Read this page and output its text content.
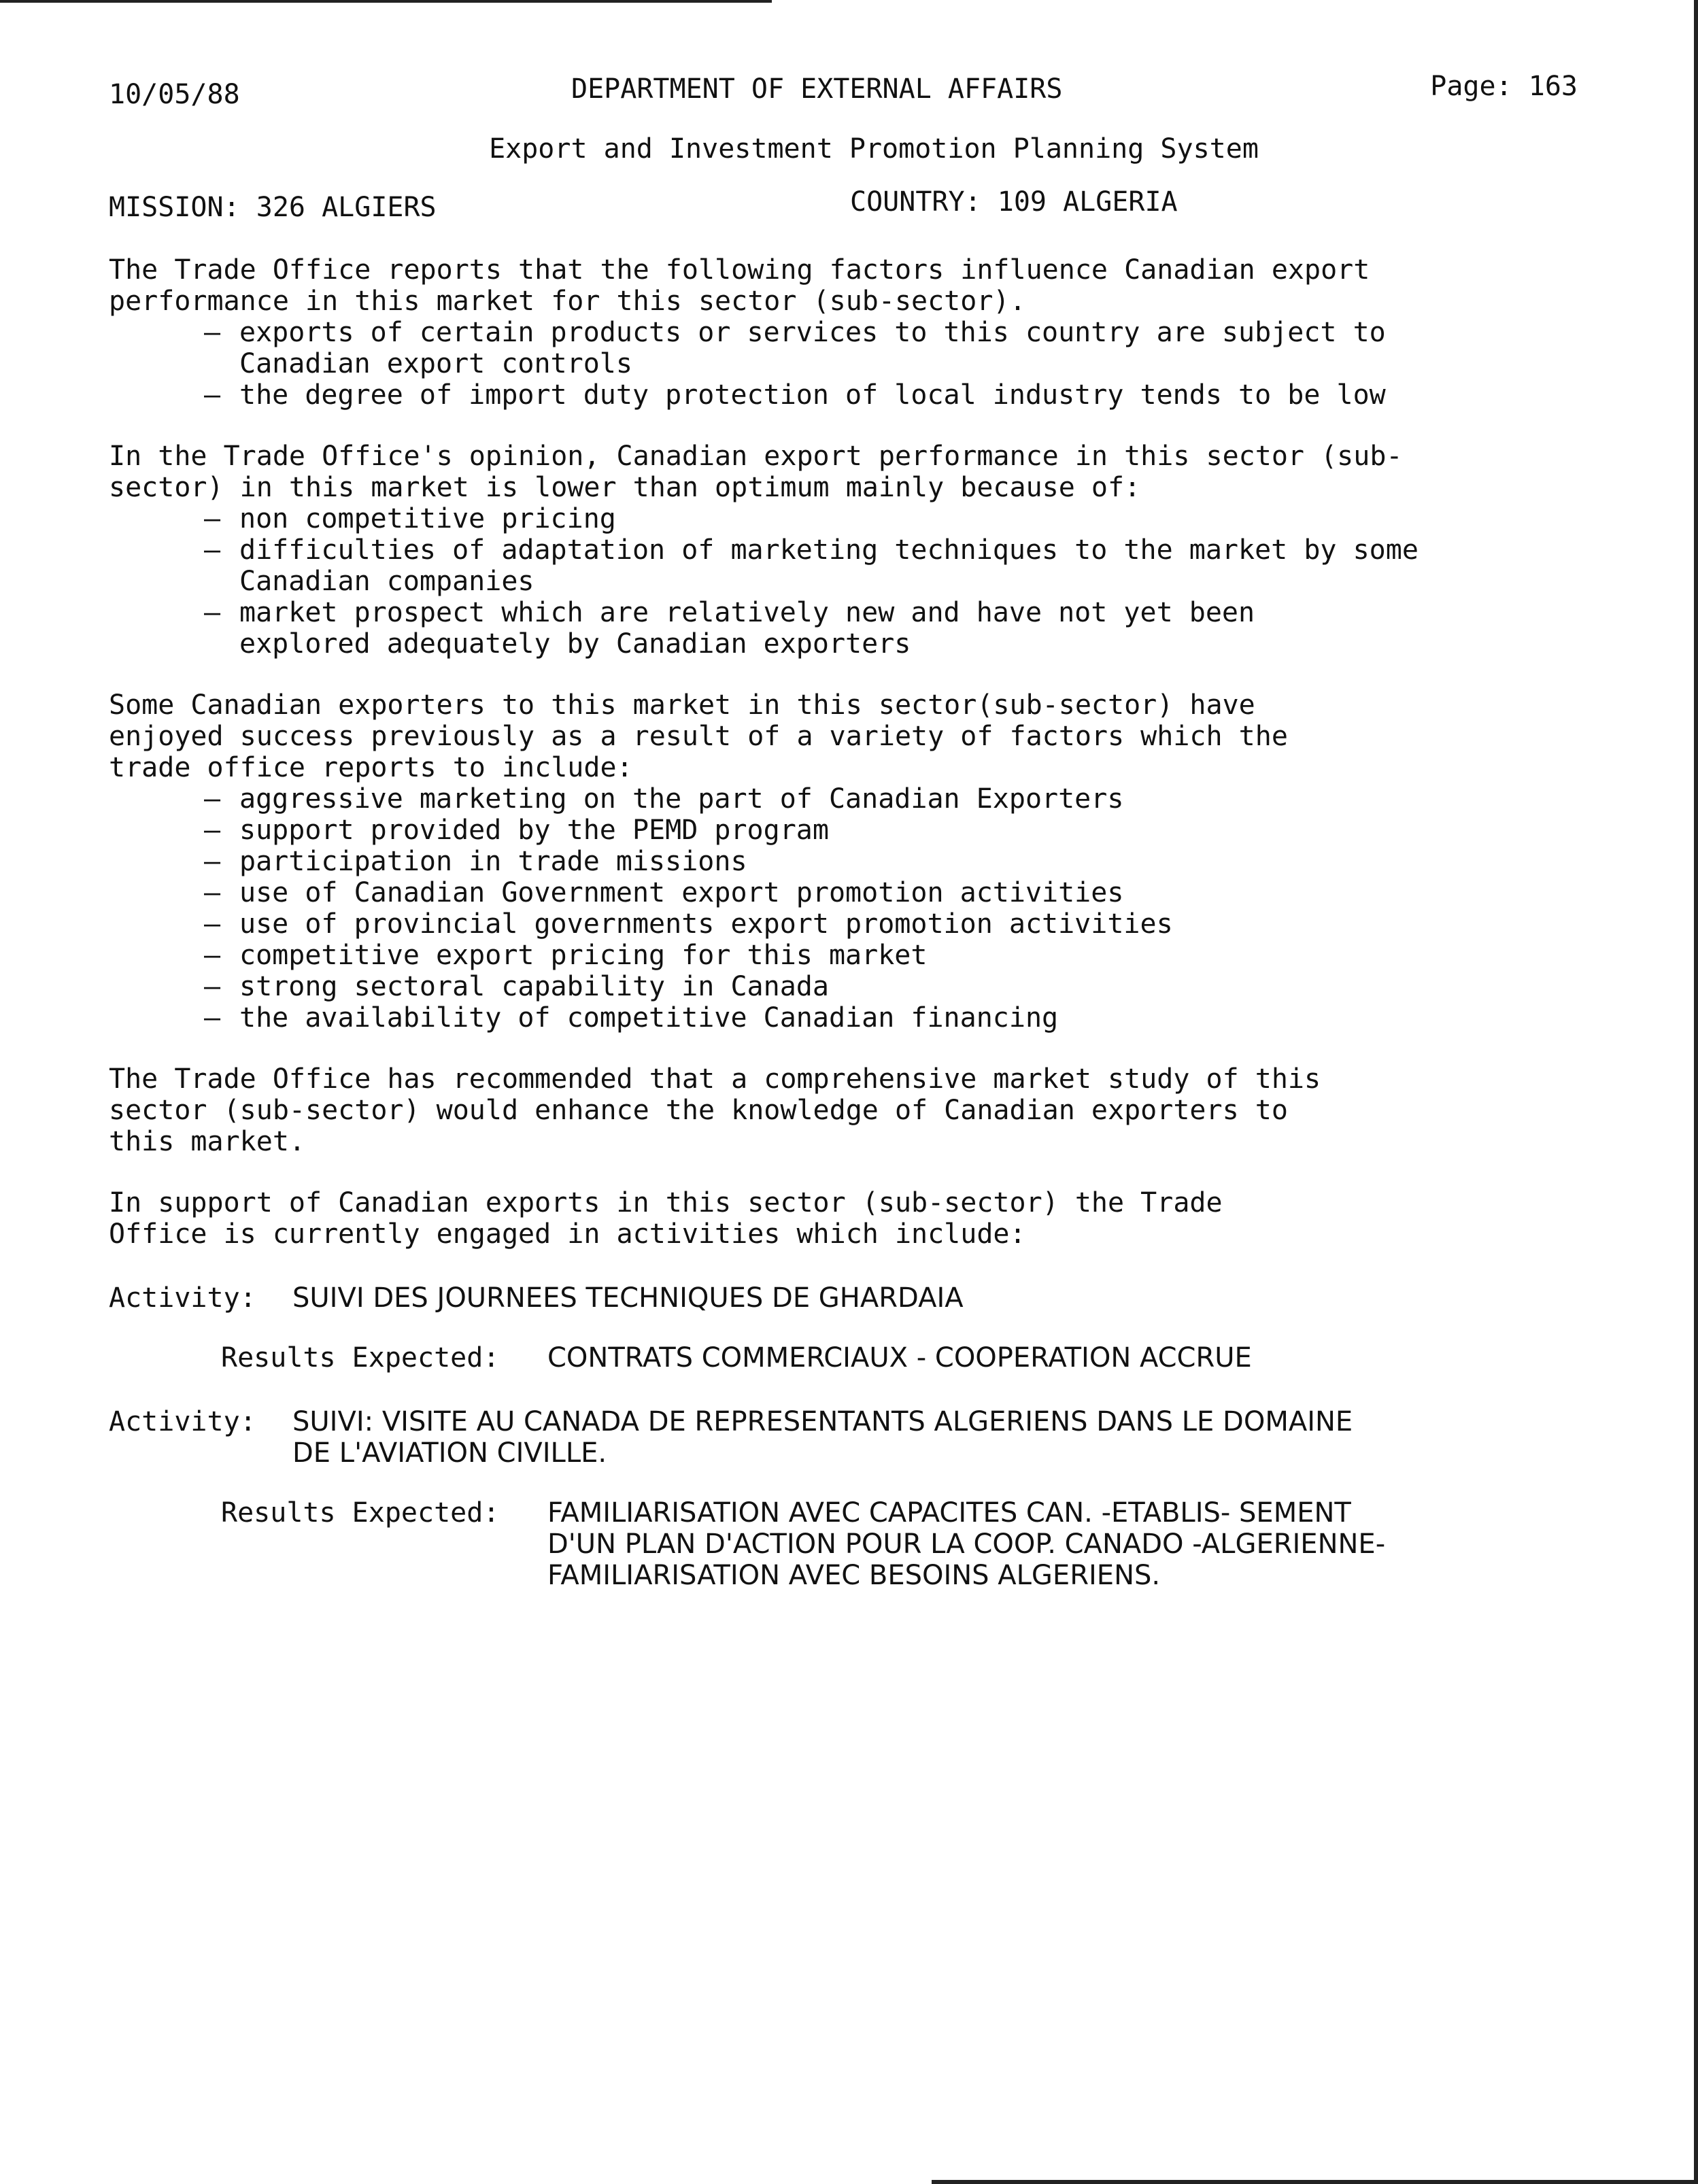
10/05/88	DEPARTMENT OF EXTERNAL AFFAIRS	Page: 163
Export and Investment Promotion Planning System
MISSION: 326 ALGIERS	COUNTRY: 109 ALGERIA

The Trade Office reports that the following factors influence Canadian export performance in this market for this sector (sub-sector).

– exports of certain products or services to this country are subject to Canadian export controls
– the degree of import duty protection of local industry tends to be low

In the Trade Office's opinion, Canadian export performance in this sector (sub-sector) in this market is lower than optimum mainly because of:

– non competitive pricing
– difficulties of adaptation of marketing techniques to the market by some Canadian companies
– market prospect which are relatively new and have not yet been explored adequately by Canadian exporters

Some Canadian exporters to this market in this sector(sub-sector) have enjoyed success previously as a result of a variety of factors which the trade office reports to include:

– aggressive marketing on the part of Canadian Exporters
– support provided by the PEMD program
– participation in trade missions
– use of Canadian Government export promotion activities
– use of provincial governments export promotion activities
– competitive export pricing for this market
– strong sectoral capability in Canada
– the availability of competitive Canadian financing

The Trade Office has recommended that a comprehensive market study of this sector (sub-sector) would enhance the knowledge of Canadian exporters to this market.

In support of Canadian exports in this sector (sub-sector) the Trade Office is currently engaged in activities which include:

Activity:	SUIVI DES JOURNEES TECHNIQUES DE GHARDAIA
Results Expected:	CONTRATS COMMERCIAUX - COOPERATION ACCRUE
Activity:	SUIVI: VISITE AU CANADA DE REPRESENTANTS ALGERIENS DANS LE DOMAINE DE L'AVIATION CIVILLE.
Results Expected:	FAMILIARISATION AVEC CAPACITES CAN. -ETABLIS- SEMENT D'UN PLAN D'ACTION POUR LA COOP. CANADO -ALGERIENNE-FAMILIARISATION AVEC BESOINS ALGERIENS.
